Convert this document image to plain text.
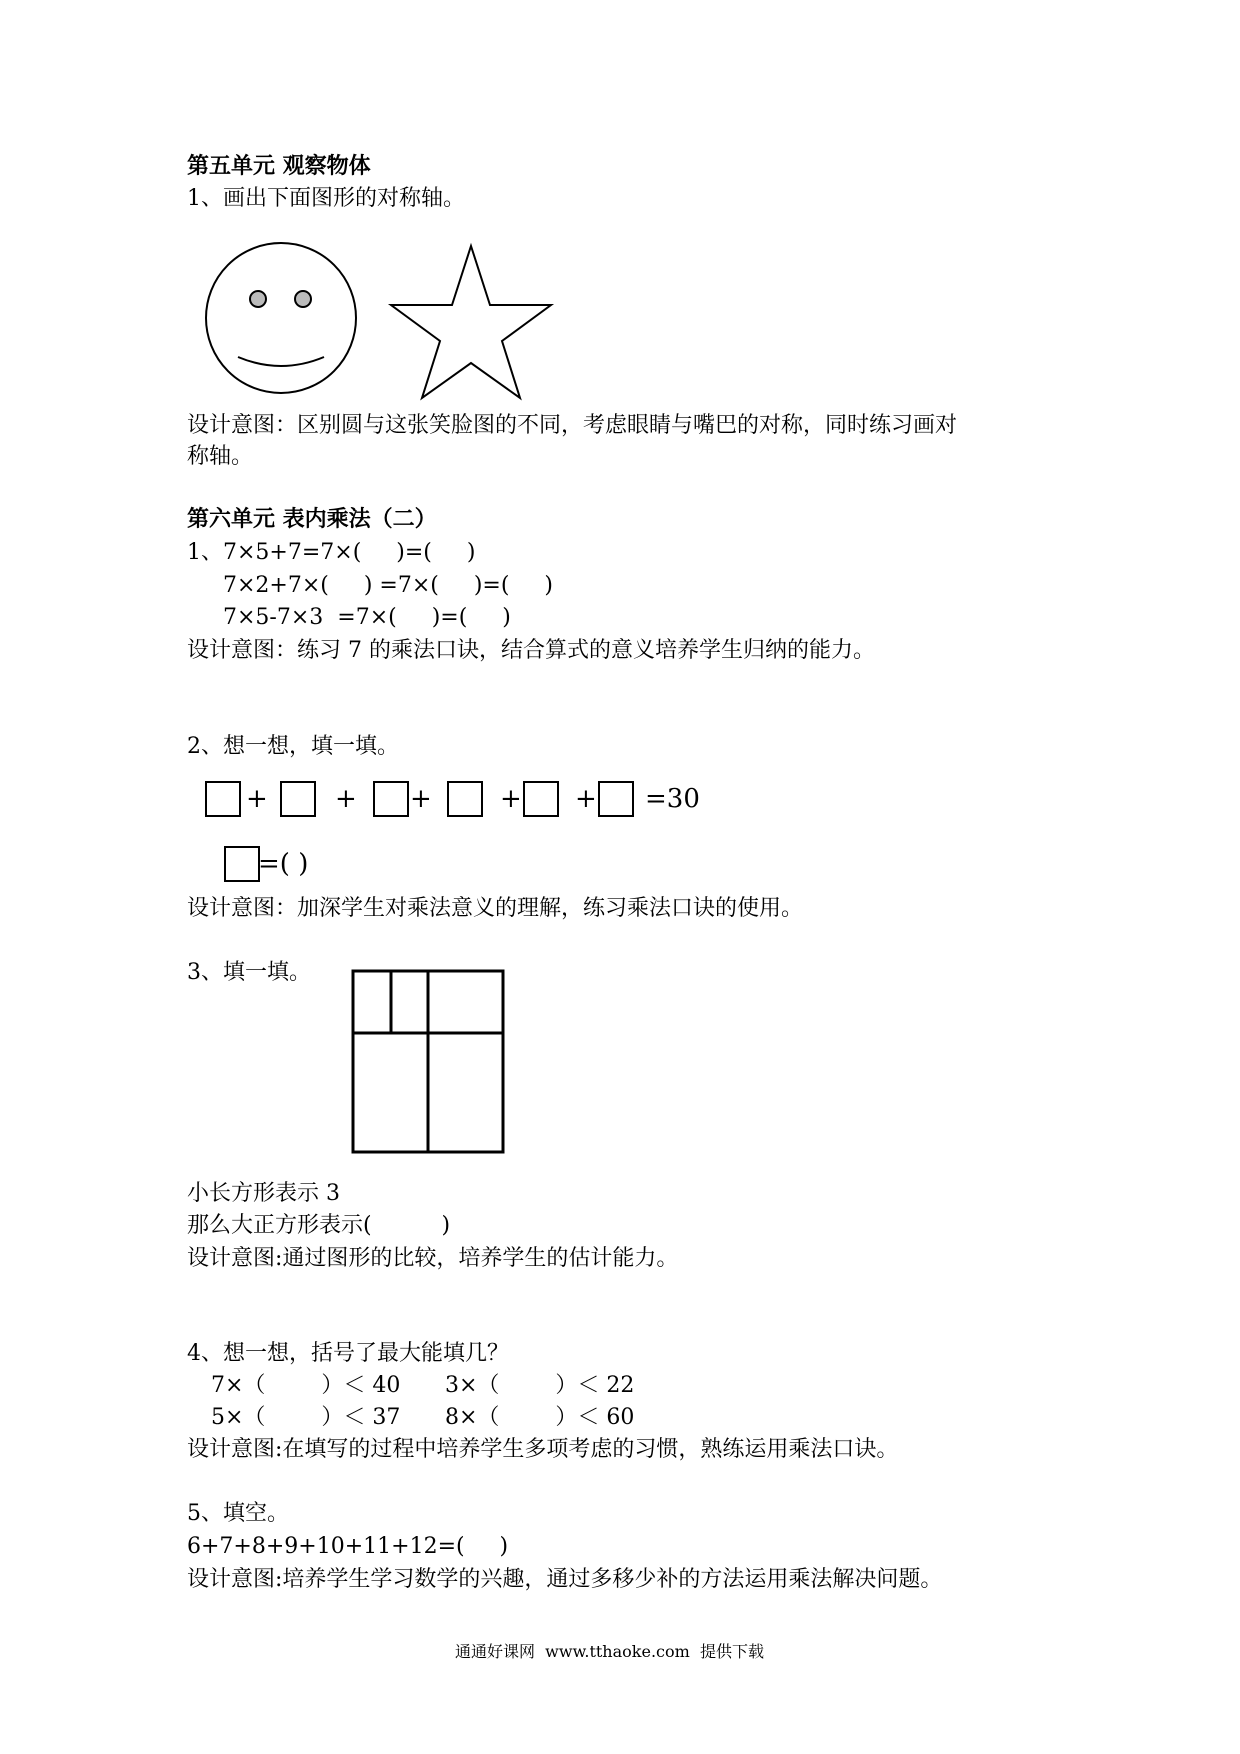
第五单元 观察物体
1、画出下面图形的对称轴。
设计意图：区别圆与这张笑脸图的不同，考虑眼睛与嘴巴的对称，同时练习画对
称轴。
第六单元 表内乘法（二）
1、7×5+7=7×(     )=(     )
7×2+7×(     ) =7×(     )=(     )
7×5-7×3  =7×(     )=(     )
设计意图：练习 7 的乘法口诀，结合算式的意义培养学生归纳的能力。
2、想一想，填一填。
+	+ +	+ + =30
=( )
设计意图：加深学生对乘法意义的理解，练习乘法口诀的使用。
3、填一填。
小长方形表示 3
那么大正方形表示(          )
设计意图:通过图形的比较，培养学生的估计能力。
4、想一想，括号了最大能填几？
7×（        ）＜ 40 3×（        ）＜ 22
5×（        ）＜ 37 8×（        ）＜ 60
设计意图:在填写的过程中培养学生多项考虑的习惯，熟练运用乘法口诀。
5、填空。
6+7+8+9+10+11+12=(     )
设计意图:培养学生学习数学的兴趣，通过多移少补的方法运用乘法解决问题。
通通好课网  www.tthaoke.com  提供下载
